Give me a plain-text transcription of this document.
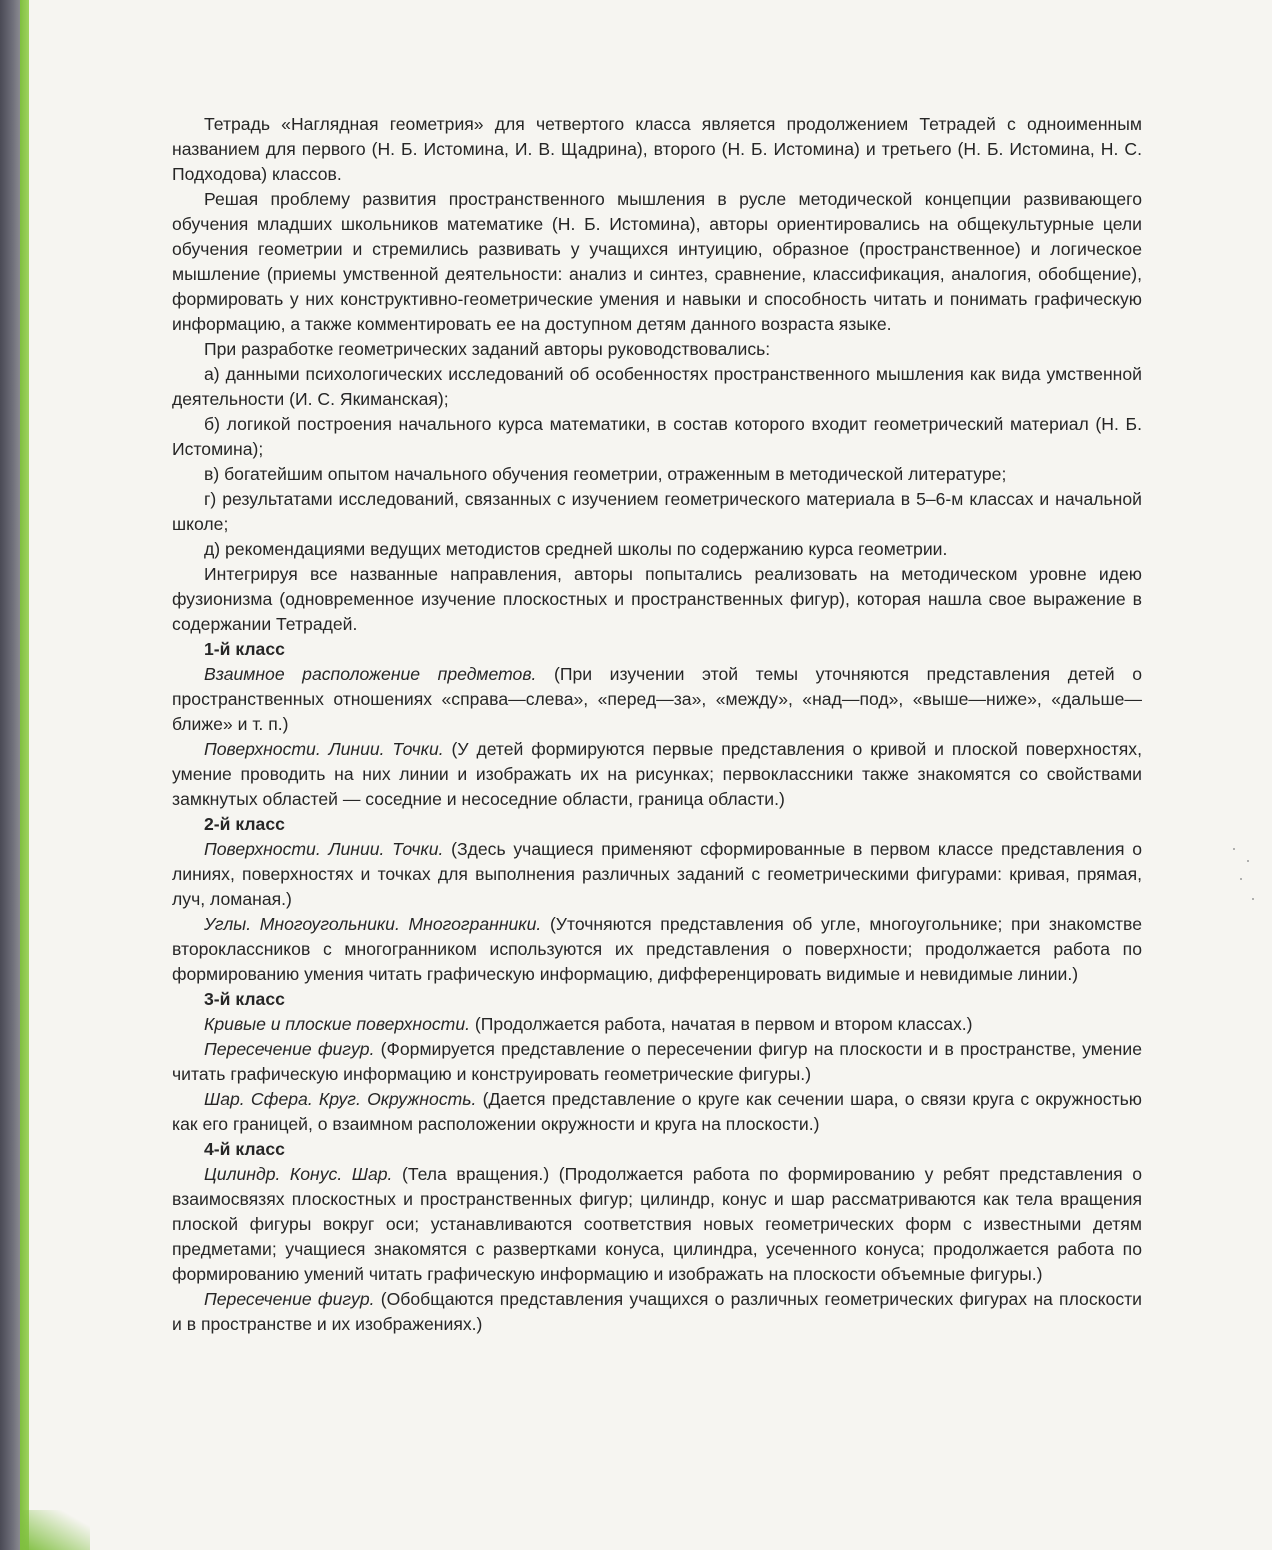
Тетрадь «Наглядная геометрия» для четвертого класса является продолжением Тетрадей с одноименным названием для первого (Н. Б. Истомина, И. В. Щадрина), второго (Н. Б. Истомина) и третьего (Н. Б. Истомина, Н. С. Подходова) классов.

Решая проблему развития пространственного мышления в русле методической концепции развивающего обучения младших школьников математике (Н. Б. Истомина), авторы ориентировались на общекультурные цели обучения геометрии и стремились развивать у учащихся интуицию, образное (пространственное) и логическое мышление (приемы умственной деятельности: анализ и синтез, сравнение, классификация, аналогия, обобщение), формировать у них конструктивно-геометрические умения и навыки и способность читать и понимать графическую информацию, а также комментировать ее на доступном детям данного возраста языке.

При разработке геометрических заданий авторы руководствовались:

а) данными психологических исследований об особенностях пространственного мышления как вида умственной деятельности (И. С. Якиманская);

б) логикой построения начального курса математики, в состав которого входит геометрический материал (Н. Б. Истомина);

в) богатейшим опытом начального обучения геометрии, отраженным в методической литературе;

г) результатами исследований, связанных с изучением геометрического материала в 5–6-м классах и начальной школе;

д) рекомендациями ведущих методистов средней школы по содержанию курса геометрии.

Интегрируя все названные направления, авторы попытались реализовать на методическом уровне идею фузионизма (одновременное изучение плоскостных и пространственных фигур), которая нашла свое выражение в содержании Тетрадей.

1-й класс

Взаимное расположение предметов. (При изучении этой темы уточняются представления детей о пространственных отношениях «справа—слева», «перед—за», «между», «над—под», «выше—ниже», «дальше—ближе» и т. п.)

Поверхности. Линии. Точки. (У детей формируются первые представления о кривой и плоской поверхностях, умение проводить на них линии и изображать их на рисунках; первоклассники также знакомятся со свойствами замкнутых областей — соседние и несоседние области, граница области.)

2-й класс

Поверхности. Линии. Точки. (Здесь учащиеся применяют сформированные в первом классе представления о линиях, поверхностях и точках для выполнения различных заданий с геометрическими фигурами: кривая, прямая, луч, ломаная.)

Углы. Многоугольники. Многогранники. (Уточняются представления об угле, многоугольнике; при знакомстве второклассников с многогранником используются их представления о поверхности; продолжается работа по формированию умения читать графическую информацию, дифференцировать видимые и невидимые линии.)

3-й класс

Кривые и плоские поверхности. (Продолжается работа, начатая в первом и втором классах.)

Пересечение фигур. (Формируется представление о пересечении фигур на плоскости и в пространстве, умение читать графическую информацию и конструировать геометрические фигуры.)

Шар. Сфера. Круг. Окружность. (Дается представление о круге как сечении шара, о связи круга с окружностью как его границей, о взаимном расположении окружности и круга на плоскости.)

4-й класс

Цилиндр. Конус. Шар. (Тела вращения.) (Продолжается работа по формированию у ребят представления о взаимосвязях плоскостных и пространственных фигур; цилиндр, конус и шар рассматриваются как тела вращения плоской фигуры вокруг оси; устанавливаются соответствия новых геометрических форм с известными детям предметами; учащиеся знакомятся с развертками конуса, цилиндра, усеченного конуса; продолжается работа по формированию умений читать графическую информацию и изображать на плоскости объемные фигуры.)

Пересечение фигур. (Обобщаются представления учащихся о различных геометрических фигурах на плоскости и в пространстве и их изображениях.)
